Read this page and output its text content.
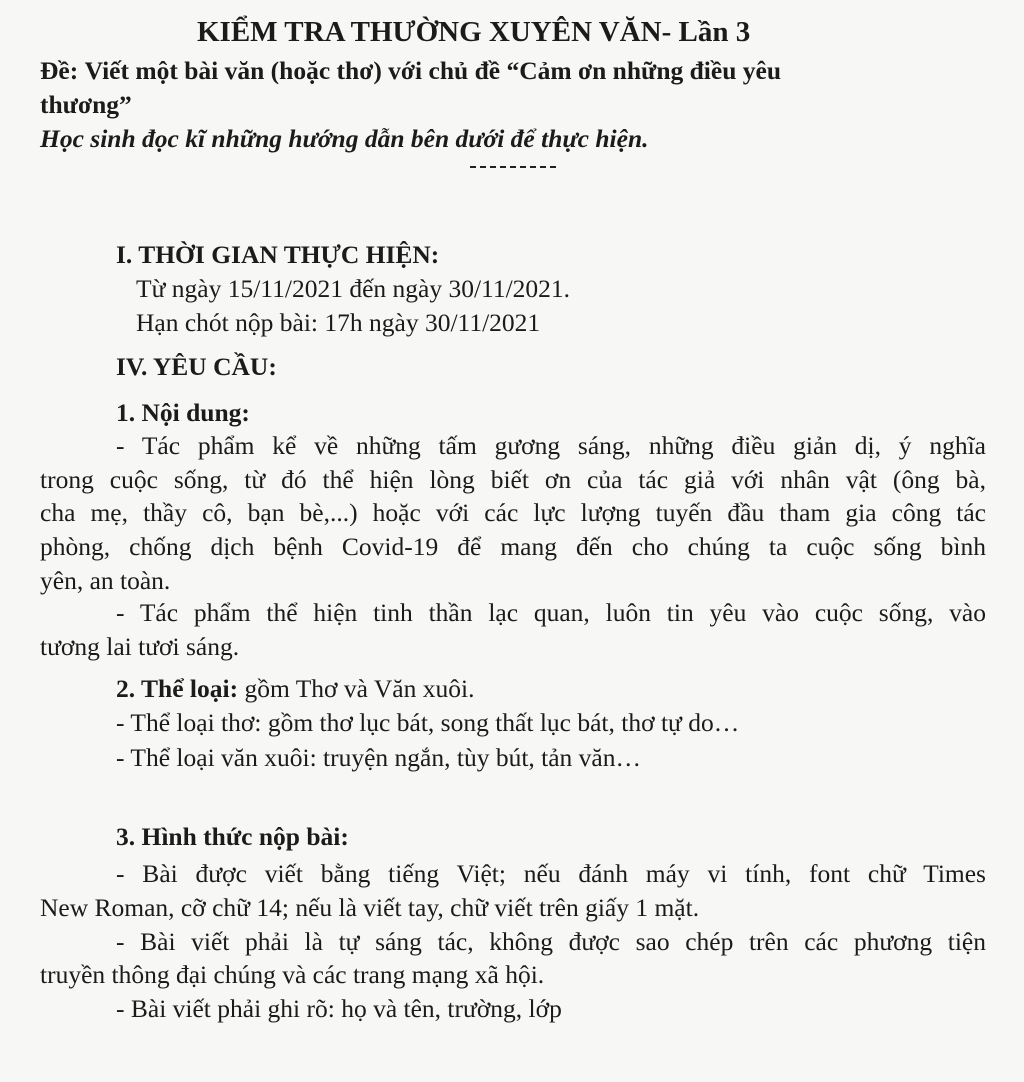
KIỂM TRA THƯỜNG XUYÊN VĂN- Lần 3
Đề: Viết một bài văn (hoặc thơ) với chủ đề “Cảm ơn những điều yêu
thương”
Học sinh đọc kĩ những hướng dẫn bên dưới để thực hiện.
I. THỜI GIAN THỰC HIỆN:
Từ ngày 15/11/2021 đến ngày 30/11/2021.
Hạn chót nộp bài: 17h ngày 30/11/2021
IV. YÊU CẦU:
1. Nội dung:
- Tác phẩm kể về những tấm gương sáng, những điều giản dị, ý nghĩa
trong cuộc sống, từ đó thể hiện lòng biết ơn của tác giả với nhân vật (ông bà,
cha mẹ, thầy cô, bạn bè,...) hoặc với các lực lượng tuyến đầu tham gia công tác
phòng, chống dịch bệnh Covid-19 để mang đến cho chúng ta cuộc sống bình
yên, an toàn.
- Tác phẩm thể hiện tinh thần lạc quan, luôn tin yêu vào cuộc sống, vào
tương lai tươi sáng.
2. Thể loại: gồm Thơ và Văn xuôi.
- Thể loại thơ: gồm thơ lục bát, song thất lục bát, thơ tự do…
- Thể loại văn xuôi: truyện ngắn, tùy bút, tản văn…
3. Hình thức nộp bài:
- Bài được viết bằng tiếng Việt; nếu đánh máy vi tính, font chữ Times
New Roman, cỡ chữ 14; nếu là viết tay, chữ viết trên giấy 1 mặt.
- Bài viết phải là tự sáng tác, không được sao chép trên các phương tiện
truyền thông đại chúng và các trang mạng xã hội.
- Bài viết phải ghi rõ: họ và tên, trường, lớp
